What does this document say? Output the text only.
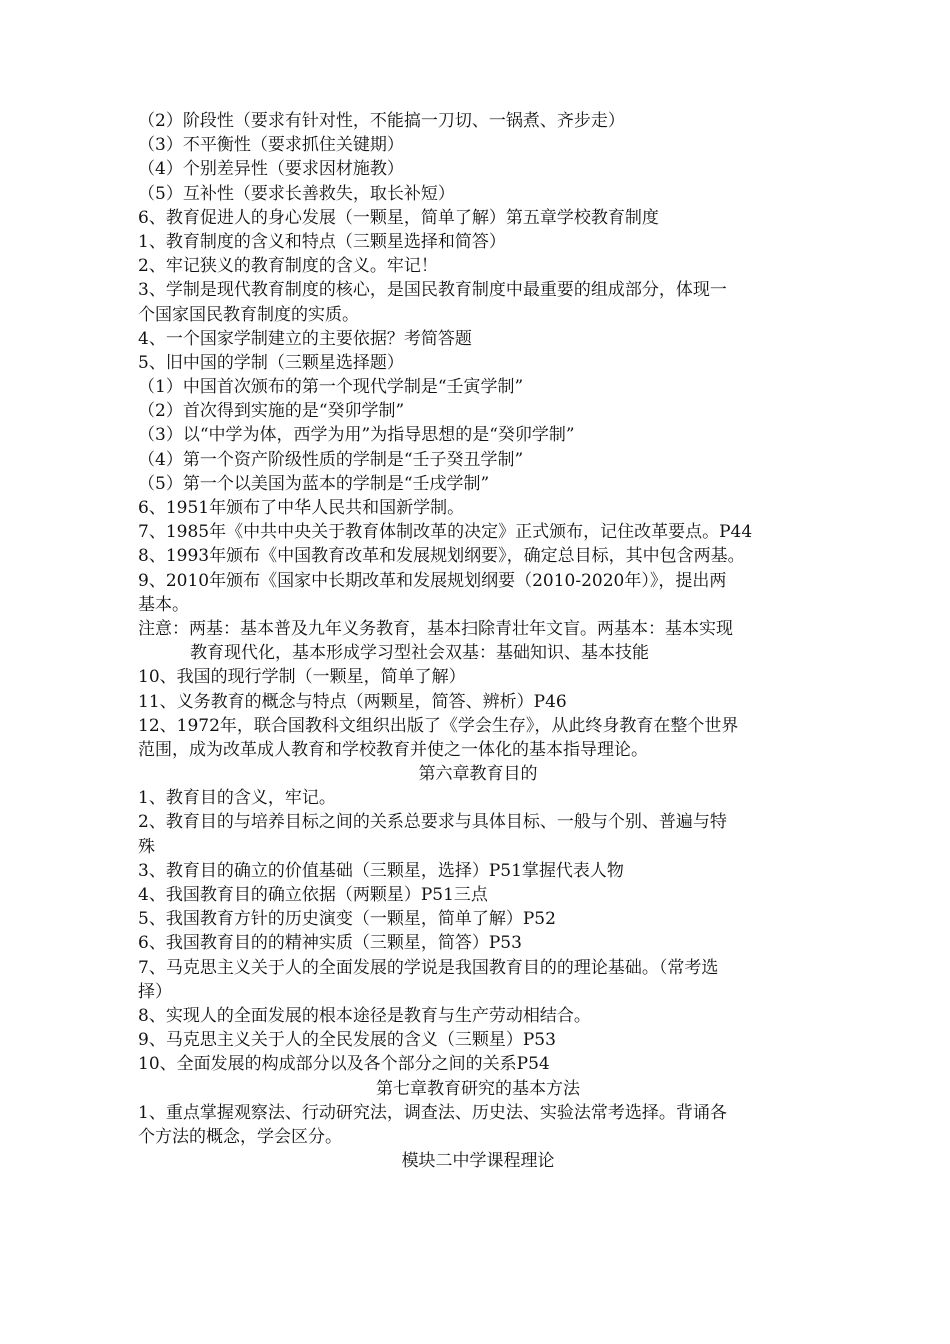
（2）阶段性（要求有针对性，不能搞一刀切、一锅煮、齐步走）
（3）不平衡性（要求抓住关键期）
（4）个别差异性（要求因材施教）
（5）互补性（要求长善救失，取长补短）
6、教育促进人的身心发展（一颗星，简单了解）第五章学校教育制度
1、教育制度的含义和特点（三颗星选择和简答）
2、牢记狭义的教育制度的含义。牢记！
3、学制是现代教育制度的核心，是国民教育制度中最重要的组成部分，体现一
个国家国民教育制度的实质。
4、一个国家学制建立的主要依据？考简答题
5、旧中国的学制（三颗星选择题）
（1）中国首次颁布的第一个现代学制是“壬寅学制”
（2）首次得到实施的是“癸卯学制”
（3）以“中学为体，西学为用”为指导思想的是“癸卯学制”
（4）第一个资产阶级性质的学制是“壬子癸丑学制”
（5）第一个以美国为蓝本的学制是“壬戌学制”
6、1951年颁布了中华人民共和国新学制。
7、1985年《中共中央关于教育体制改革的决定》正式颁布，记住改革要点。P44
8、1993年颁布《中国教育改革和发展规划纲要》，确定总目标，其中包含两基。
9、2010年颁布《国家中长期改革和发展规划纲要（2010-2020年）》，提出两
基本。
注意：两基：基本普及九年义务教育，基本扫除青壮年文盲。两基本：基本实现
教育现代化，基本形成学习型社会双基：基础知识、基本技能
10、我国的现行学制（一颗星，简单了解）
11、义务教育的概念与特点（两颗星，简答、辨析）P46
12、1972年，联合国教科文组织出版了《学会生存》，从此终身教育在整个世界
范围，成为改革成人教育和学校教育并使之一体化的基本指导理论。
第六章教育目的
1、教育目的含义，牢记。
2、教育目的与培养目标之间的关系总要求与具体目标、一般与个别、普遍与特
殊
3、教育目的确立的价值基础（三颗星，选择）P51掌握代表人物
4、我国教育目的确立依据（两颗星）P51三点
5、我国教育方针的历史演变（一颗星，简单了解）P52
6、我国教育目的的精神实质（三颗星，简答）P53
7、马克思主义关于人的全面发展的学说是我国教育目的的理论基础。（常考选
择）
8、实现人的全面发展的根本途径是教育与生产劳动相结合。
9、马克思主义关于人的全民发展的含义（三颗星）P53
10、全面发展的构成部分以及各个部分之间的关系P54
第七章教育研究的基本方法
1、重点掌握观察法、行动研究法，调查法、历史法、实验法常考选择。背诵各
个方法的概念，学会区分。
模块二中学课程理论
